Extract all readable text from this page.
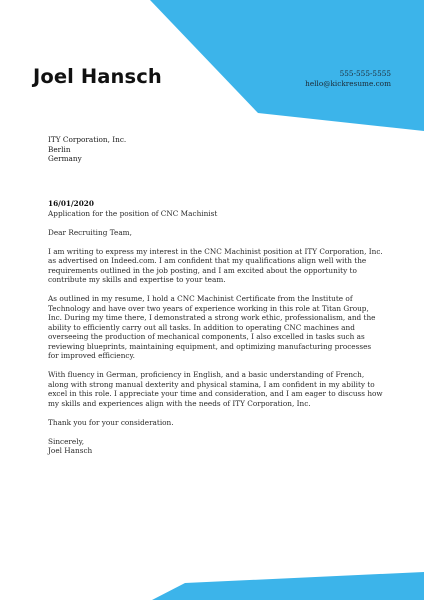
Joel Hansch	555-555-5555
hello@kickresume.com
ITY Corporation, Inc.
Berlin
Germany
16/01/2020

Application for the position of CNC Machinist

Dear Recruiting Team,

I am writing to express my interest in the CNC Machinist position at ITY Corporation, Inc. as advertised on Indeed.com. I am confident that my qualifications align well with the requirements outlined in the job posting, and I am excited about the opportunity to contribute my skills and expertise to your team.

As outlined in my resume, I hold a CNC Machinist Certificate from the Institute of Technology and have over two years of experience working in this role at Titan Group, Inc. During my time there, I demonstrated a strong work ethic, professionalism, and the ability to efficiently carry out all tasks. In addition to operating CNC machines and overseeing the production of mechanical components, I also excelled in tasks such as reviewing blueprints, maintaining equipment, and optimizing manufacturing processes for improved efficiency.

With fluency in German, proficiency in English, and a basic understanding of French, along with strong manual dexterity and physical stamina, I am confident in my ability to excel in this role. I appreciate your time and consideration, and I am eager to discuss how my skills and experiences align with the needs of ITY Corporation, Inc.

Thank you for your consideration.

Sincerely,
Joel Hansch
